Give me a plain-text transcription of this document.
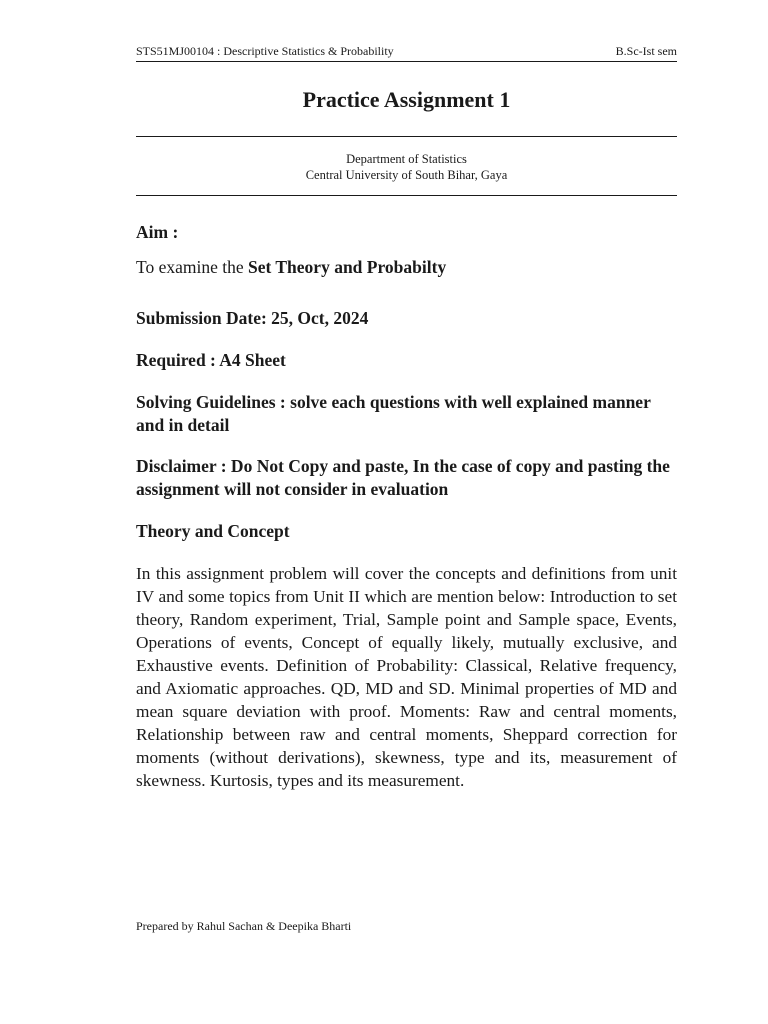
STS51MJ00104 : Descriptive Statistics & Probability	B.Sc-Ist sem
Practice Assignment 1
Department of Statistics
Central University of South Bihar, Gaya
Aim :
To examine the Set Theory and Probabilty
Submission Date: 25, Oct, 2024
Required : A4 Sheet
Solving Guidelines : solve each questions with well explained manner and in detail
Disclaimer : Do Not Copy and paste, In the case of copy and pasting the assignment will not consider in evaluation
Theory and Concept
In this assignment problem will cover the concepts and definitions from unit IV and some topics from Unit II which are mention below: Introduction to set theory, Random experiment, Trial, Sample point and Sample space, Events, Operations of events, Concept of equally likely, mutually exclusive, and Exhaustive events. Definition of Probability: Classical, Relative frequency, and Axiomatic approaches. QD, MD and SD. Minimal properties of MD and mean square deviation with proof. Moments: Raw and central moments, Relationship between raw and central moments, Sheppard correction for moments (without derivations), skewness, type and its, measurement of skewness. Kurtosis, types and its measurement.
Prepared by Rahul Sachan & Deepika Bharti
